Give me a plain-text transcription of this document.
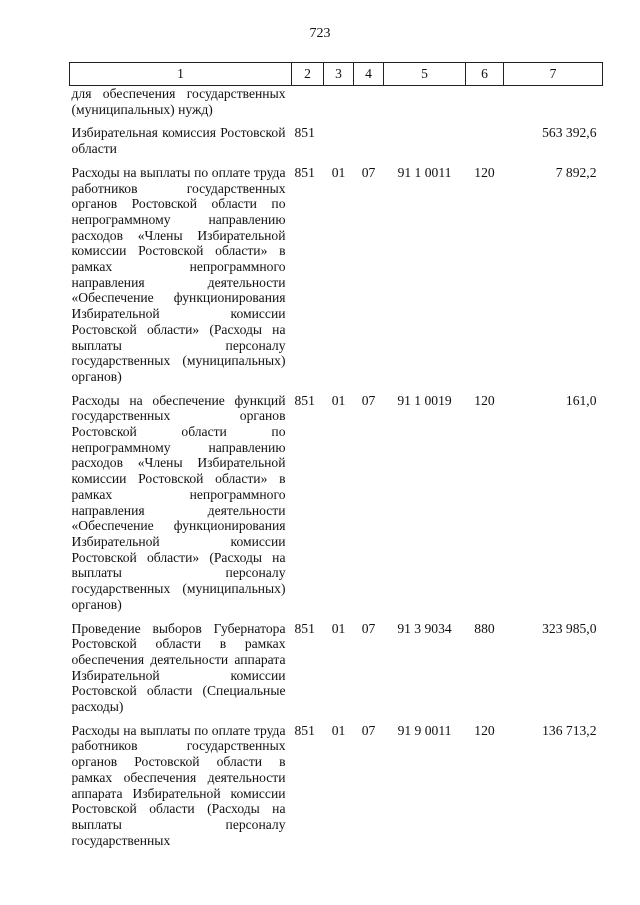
723
1	2	3	4	5	6	7
для обеспечения государственных (муниципальных) нужд)						
Избирательная комиссия Ростовской области	851					563 392,6
Расходы на выплаты по оплате труда работников государственных органов Ростовской области по непрограммному направлению расходов «Члены Избирательной комиссии Ростовской области» в рамках непрограммного направления деятельности «Обеспечение функционирования Избирательной комиссии Ростовской области» (Расходы на выплаты персоналу государственных (муниципальных) органов)	851	01	07	91 1 0011	120	7 892,2
Расходы на обеспечение функций государственных органов Ростовской области по непрограммному направлению расходов «Члены Избирательной комиссии Ростовской области» в рамках непрограммного направления деятельности «Обеспечение функционирования Избирательной комиссии Ростовской области» (Расходы на выплаты персоналу государственных (муниципальных) органов)	851	01	07	91 1 0019	120	161,0
Проведение выборов Губернатора Ростовской области в рамках обеспечения деятельности аппарата Избирательной комиссии Ростовской области (Специальные расходы)	851	01	07	91 3 9034	880	323 985,0
Расходы на выплаты по оплате труда работников государственных органов Ростовской области в рамках обеспечения деятельности аппарата Избирательной комиссии Ростовской области (Расходы на выплаты персоналу государственных	851	01	07	91 9 0011	120	136 713,2
